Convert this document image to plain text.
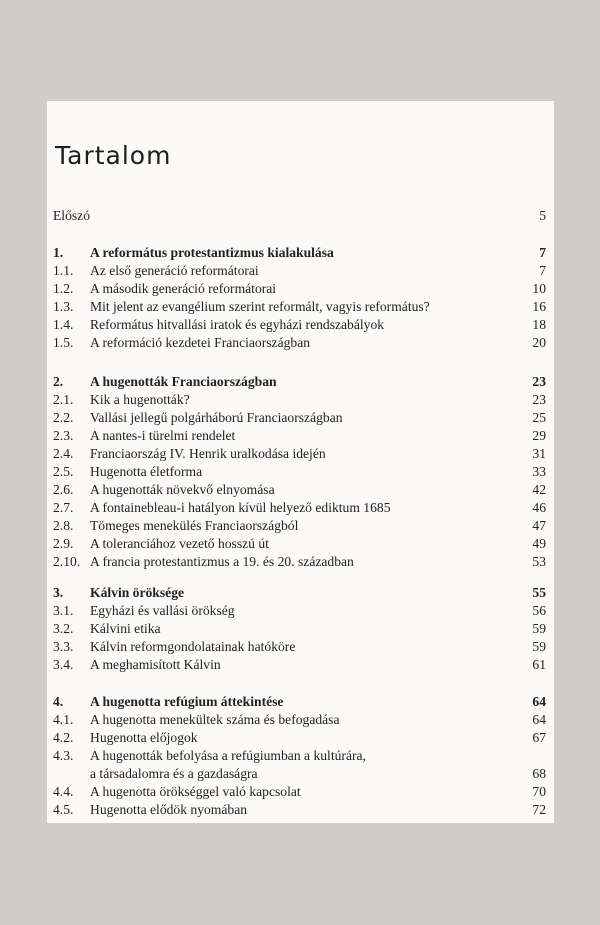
Tartalom
Előszó	5
1. A református protestantizmus kialakulása	7
1.1. Az első generáció reformátorai	7
1.2. A második generáció reformátorai	10
1.3. Mit jelent az evangélium szerint reformált, vagyis református?	16
1.4. Református hitvallási iratok és egyházi rendszabályok	18
1.5. A reformáció kezdetei Franciaországban	20
2. A hugenották Franciaországban	23
2.1. Kik a hugenották?	23
2.2. Vallási jellegű polgárháború Franciaországban	25
2.3. A nantes-i türelmi rendelet	29
2.4. Franciaország IV. Henrik uralkodása idején	31
2.5. Hugenotta életforma	33
2.6. A hugenották növekvő elnyomása	42
2.7. A fontainebleau-i hatályon kívül helyező ediktum 1685	46
2.8. Tömeges menekülés Franciaországból	47
2.9. A toleranciához vezető hosszú út	49
2.10. A francia protestantizmus a 19. és 20. században	53
3. Kálvin öröksége	55
3.1. Egyházi és vallási örökség	56
3.2. Kálvini etika	59
3.3. Kálvin reformgondolatainak hatóköre	59
3.4. A meghamisított Kálvin	61
4. A hugenotta refúgium áttekintése	64
4.1. A hugenotta menekültek száma és befogadása	64
4.2. Hugenotta előjogok	67
4.3. A hugenották befolyása a refúgiumban a kultúrára,
a társadalomra és a gazdaságra	68
4.4. A hugenotta örökséggel való kapcsolat	70
4.5. Hugenotta elődök nyomában	72
